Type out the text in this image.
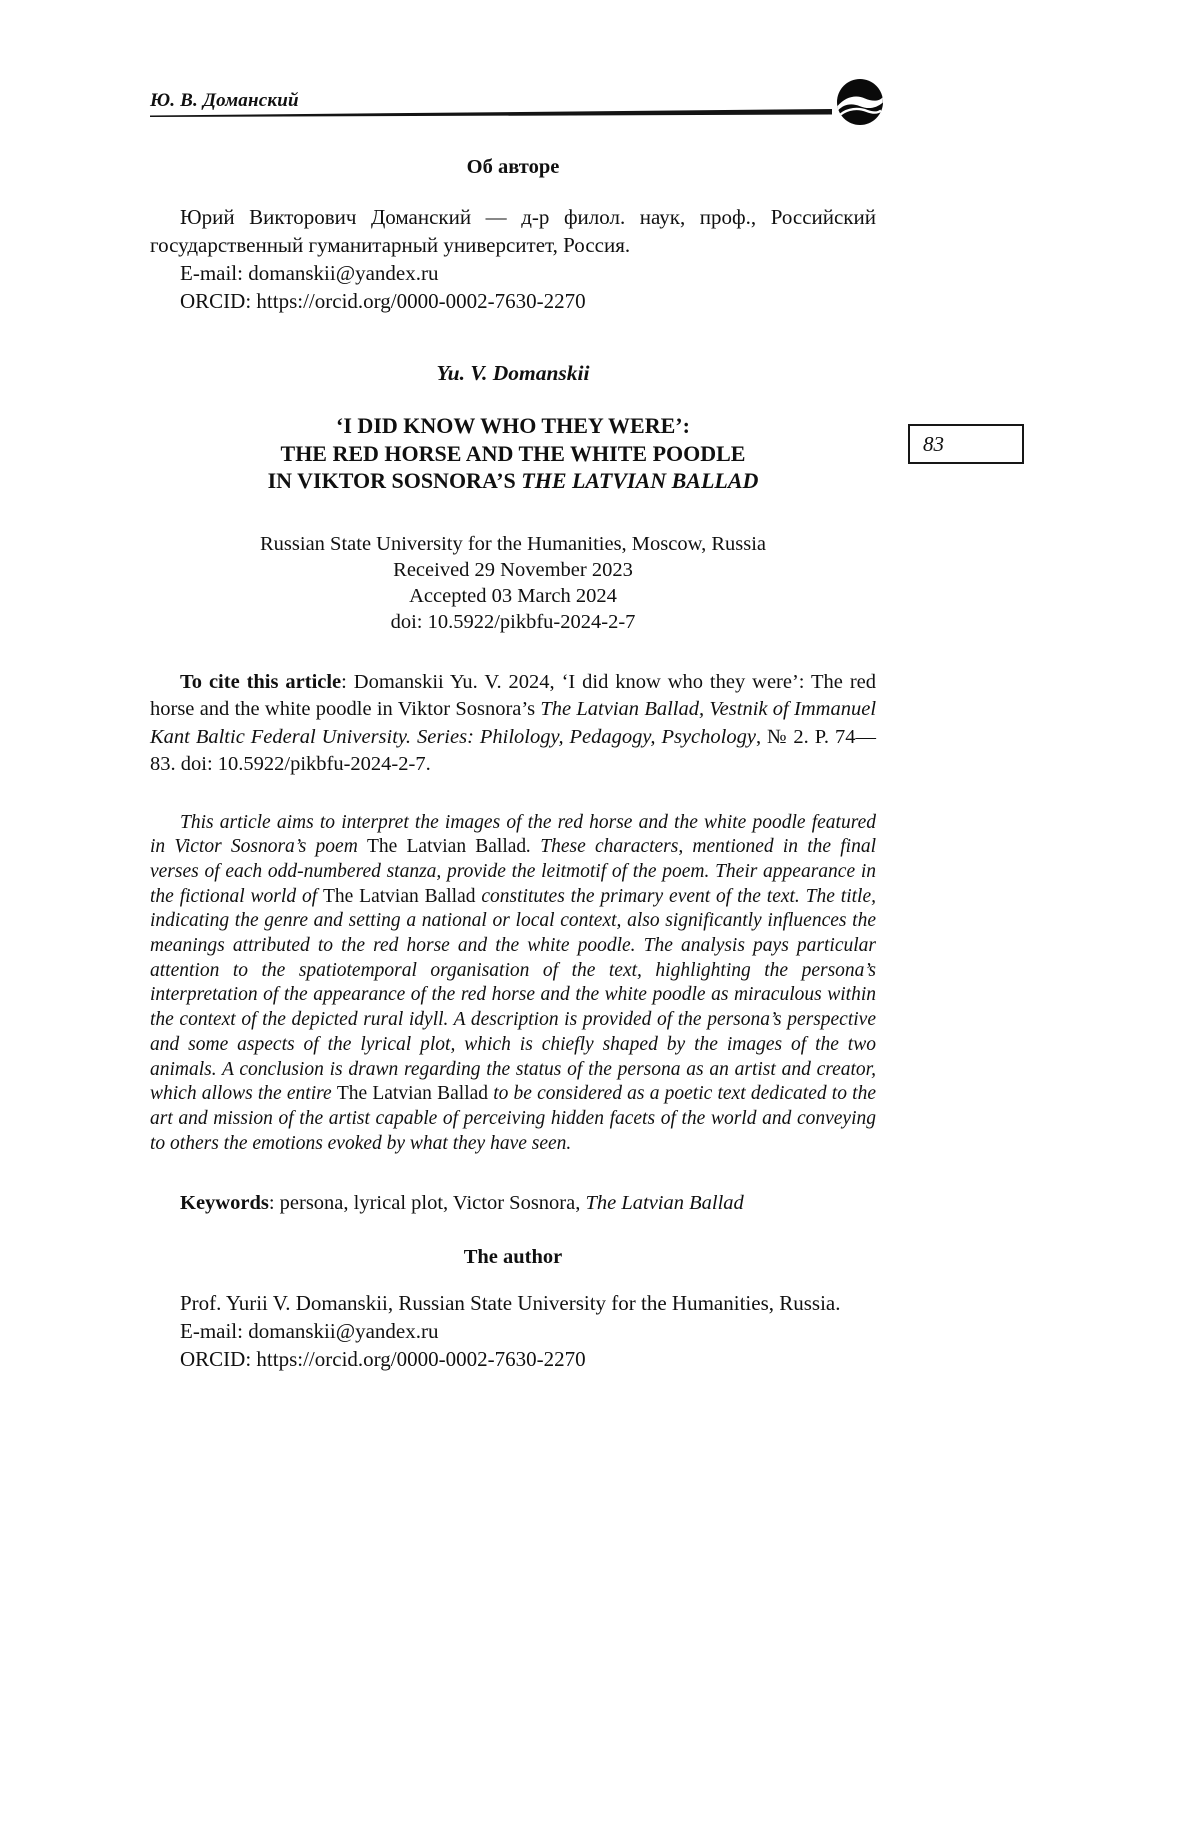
Ю. В. Доманский
83
Об авторе

Юрий Викторович Доманский — д-р филол. наук, проф., Российский государственный гуманитарный университет, Россия.

E-mail: domanskii@yandex.ru

ORCID: https://orcid.org/0000-0002-7630-2270

Yu. V. Domanskii

‘I DID KNOW WHO THEY WERE’:
THE RED HORSE AND THE WHITE POODLE
IN VIKTOR SOSNORA’S THE LATVIAN BALLAD

Russian State University for the Humanities, Moscow, Russia

Received 29 November 2023

Accepted 03 March 2024

doi: 10.5922/pikbfu-2024-2-7

To cite this article: Domanskii Yu. V. 2024, ‘I did know who they were’: The red horse and the white poodle in Viktor Sosnora’s The Latvian Ballad, Vestnik of Immanuel Kant Baltic Federal University. Series: Philology, Pedagogy, Psychology, № 2. P. 74—83. doi: 10.5922/pikbfu-2024-2-7.

This article aims to interpret the images of the red horse and the white poodle featured in Victor Sosnora’s poem The Latvian Ballad. These characters, mentioned in the final verses of each odd-numbered stanza, provide the leitmotif of the poem. Their appearance in the fictional world of The Latvian Ballad constitutes the primary event of the text. The title, indicating the genre and setting a national or local context, also significantly influences the meanings attributed to the red horse and the white poodle. The analysis pays particular attention to the spatiotemporal organisation of the text, highlighting the persona’s interpretation of the appearance of the red horse and the white poodle as miraculous within the context of the depicted rural idyll. A description is provided of the persona’s perspective and some aspects of the lyrical plot, which is chiefly shaped by the images of the two animals. A conclusion is drawn regarding the status of the persona as an artist and creator, which allows the entire The Latvian Ballad to be considered as a poetic text dedicated to the art and mission of the artist capable of perceiving hidden facets of the world and conveying to others the emotions evoked by what they have seen.

Keywords: persona, lyrical plot, Victor Sosnora, The Latvian Ballad

The author

Prof. Yurii V. Domanskii, Russian State University for the Humanities, Russia.

E-mail: domanskii@yandex.ru

ORCID: https://orcid.org/0000-0002-7630-2270
